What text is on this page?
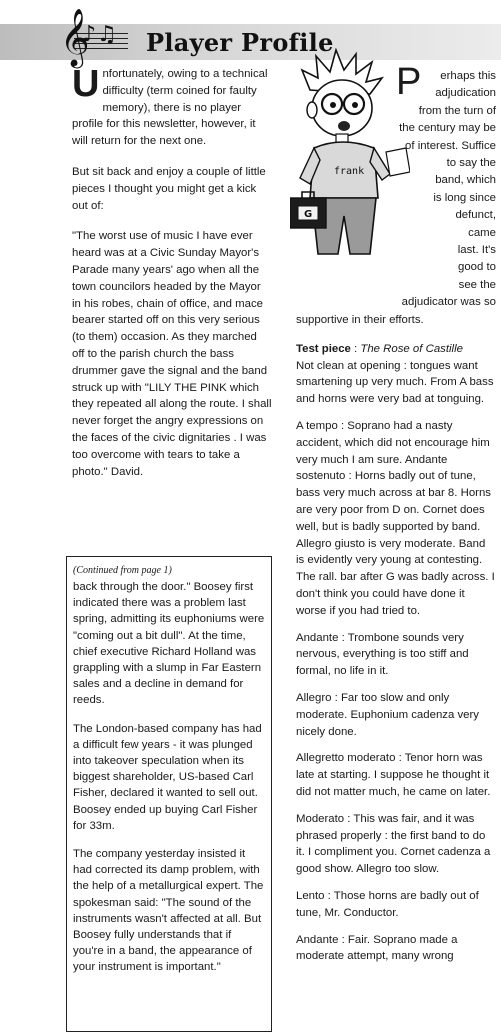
𝄞
♪♫ Player Profile

Unfortunately, owing to a technical difficulty (term coined for faulty memory), there is no player profile for this newsletter, however, it will return for the next one.

But sit back and enjoy a couple of little pieces I thought you might get a kick out of:

"The worst use of music I have ever heard was at a Civic Sunday Mayor's Parade many years' ago when all the town councilors headed by the Mayor in his robes, chain of office, and mace bearer started off on this very serious (to them) occasion. As they marched off to the parish church the bass drummer gave the signal and the band struck up with "LILY THE PINK which they repeated all along the route. I shall never forget the angry expressions on the faces of the civic dignitaries . I was too overcome with tears to take a photo." David.

(Continued from page 1)

back through the door." Boosey first indicated there was a problem last spring, admitting its euphoniums were "coming out a bit dull". At the time, chief executive Richard Holland was grappling with a slump in Far Eastern sales and a decline in demand for reeds.

The London-based company has had a difficult few years - it was plunged into takeover speculation when its biggest shareholder, US-based Carl Fisher, declared it wanted to sell out. Boosey ended up buying Carl Fisher for 33m.

The company yesterday insisted it had corrected its damp problem, with the help of a metallurgical expert. The spokesman said: "The sound of the instruments wasn't affected at all. But Boosey fully understands that if you're in a band, the appearance of your instrument is important."

frank
G
P erhaps this
adjudication
from the turn of
the century may be
of interest. Suffice
to say the
band, which
is long since
defunct,
came
last. It's
good to
see the
adjudicator was so

supportive in their efforts.

Test piece : The Rose of Castille
Not clean at opening : tongues want smartening up very much. From A bass and horns were very bad at tonguing.

A tempo : Soprano had a nasty accident, which did not encourage him very much I am sure. Andante sostenuto : Horns badly out of tune, bass very much across at bar 8. Horns are very poor from D on. Cornet does well, but is badly supported by band. Allegro giusto is very moderate. Band is evidently very young at contesting. The rall. bar after G was badly across. I don't think you could have done it worse if you had tried to.

Andante : Trombone sounds very nervous, everything is too stiff and formal, no life in it.

Allegro : Far too slow and only moderate. Euphonium cadenza very nicely done.

Allegretto moderato : Tenor horn was late at starting. I suppose he thought it did not matter much, he came on later.

Moderato : This was fair, and it was phrased properly : the first band to do it. I compliment you. Cornet cadenza a good show. Allegro too slow.

Lento : Those horns are badly out of tune, Mr. Conductor.

Andante : Fair. Soprano made a moderate attempt, many wrong
